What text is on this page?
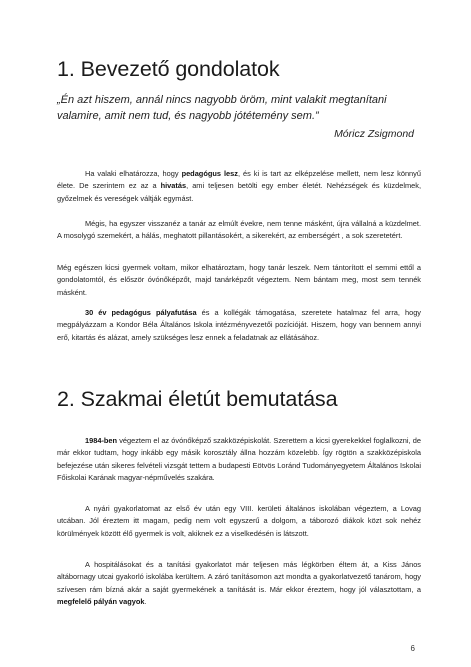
1. Bevezető gondolatok

„Én azt hiszem, annál nincs nagyobb öröm, mint valakit megtanítani valamire, amit nem tud, és nagyobb jótétemény sem.”

Móricz Zsigmond

Ha valaki elhatározza, hogy pedagógus lesz, és ki is tart az elképzelése mellett, nem lesz könnyű élete. De szerintem ez az a hivatás, ami teljesen betölti egy ember életét. Nehézségek és küzdelmek, győzelmek és vereségek váltják egymást.

Mégis, ha egyszer visszanéz a tanár az elmúlt évekre, nem tenne másként, újra vállalná a küzdelmet. A mosolygó szemekért, a hálás, meghatott pillantásokért, a sikerekért, az emberségért , a sok szeretetért.

Még egészen kicsi gyermek voltam, mikor elhatároztam, hogy tanár leszek. Nem tántorított el semmi ettől a gondolatomtól, és először óvónőképzőt, majd tanárképzőt végeztem. Nem bántam meg, most sem tennék másként.

30 év pedagógus pályafutása és a kollégák támogatása, szeretete hatalmaz fel arra, hogy megpályázzam a Kondor Béla Általános Iskola intézményvezetői pozícióját. Hiszem, hogy van bennem annyi erő, kitartás és alázat, amely szükséges lesz ennek a feladatnak az ellátásához.

2. Szakmai életút bemutatása

1984-ben végeztem el az óvónőképző szakközépiskolát. Szerettem a kicsi gyerekekkel foglalkozni, de már ekkor tudtam, hogy inkább egy másik korosztály állna hozzám közelebb. Így rögtön a szakközépiskola befejezése után sikeres felvételi vizsgát tettem a budapesti Eötvös Loránd Tudományegyetem Általános Iskolai Főiskolai Karának magyar-népművelés szakára.

A nyári gyakorlatomat az első év után egy VIII. kerületi általános iskolában végeztem, a Lovag utcában. Jól éreztem itt magam, pedig nem volt egyszerű a dolgom, a táborozó diákok közt sok nehéz körülmények között élő gyermek is volt, akiknek ez a viselkedésén is látszott.

A hospitálásokat és a tanítási gyakorlatot már teljesen más légkörben éltem át, a Kiss János altábornagy utcai gyakorló iskolába kerültem. A záró tanításomon azt mondta a gyakorlatvezető tanárom, hogy szívesen rám bízná akár a saját gyermekének a tanítását is. Már ekkor éreztem, hogy jól választottam, a megfelelő pályán vagyok.

6
